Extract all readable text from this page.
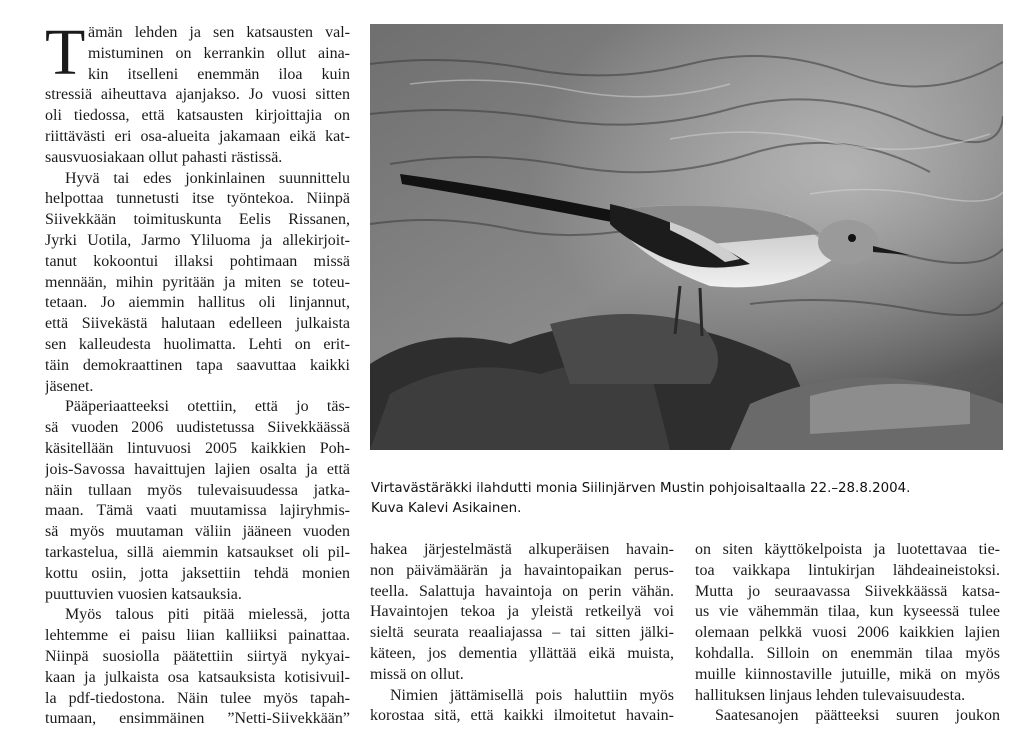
T ämän lehden ja sen katsausten val-
mistuminen on kerrankin ollut aina-
kin itselleni enemmän iloa kuin
stressiä aiheuttava ajanjakso. Jo vuosi sitten
oli tiedossa, että katsausten kirjoittajia on
riittävästi eri osa-alueita jakamaan eikä kat-
sausvuosiakaan ollut pahasti rästissä.
Hyvä tai edes jonkinlainen suunnittelu
helpottaa tunnetusti itse työntekoa. Niinpä
Siivekkään toimituskunta Eelis Rissanen,
Jyrki Uotila, Jarmo Yliluoma ja allekirjoit-
tanut kokoontui illaksi pohtimaan missä
mennään, mihin pyritään ja miten se toteu-
tetaan. Jo aiemmin hallitus oli linjannut,
että Siivekästä halutaan edelleen julkaista
sen kalleudesta huolimatta. Lehti on erit-
täin demokraattinen tapa saavuttaa kaikki
jäsenet.
Pääperiaatteeksi otettiin, että jo täs-
sä vuoden 2006 uudistetussa Siivekkäässä
käsitellään lintuvuosi 2005 kaikkien Poh-
jois-Savossa havaittujen lajien osalta ja että
näin tullaan myös tulevaisuudessa jatka-
maan. Tämä vaati muutamissa lajiryhmis-
sä myös muutaman väliin jääneen vuoden
tarkastelua, sillä aiemmin katsaukset oli pil-
kottu osiin, jotta jaksettiin tehdä monien
puuttuvien vuosien katsauksia.
Myös talous piti pitää mielessä, jotta
lehtemme ei paisu liian kalliiksi painattaa.
Niinpä suosiolla päätettiin siirtyä nykyai-
kaan ja julkaista osa katsauksista kotisivuil-
la pdf-tiedostona. Näin tulee myös tapah-
tumaan, ensimmäinen ”Netti-Siivekkään”
Virtavästäräkki ilahdutti monia Siilinjärven Mustin pohjoisaltaalla 22.–28.8.2004.
Kuva Kalevi Asikainen.
hakea järjestelmästä alkuperäisen havain-
non päivämäärän ja havaintopaikan perus-
teella. Salattuja havaintoja on perin vähän.
Havaintojen tekoa ja yleistä retkeilyä voi
sieltä seurata reaaliajassa – tai sitten jälki-
käteen, jos dementia yllättää eikä muista,
missä on ollut.
Nimien jättämisellä pois haluttiin myös
korostaa sitä, että kaikki ilmoitetut havain-
on siten käyttökelpoista ja luotettavaa tie-
toa vaikkapa lintukirjan lähdeaineistoksi.
Mutta jo seuraavassa Siivekkäässä katsa-
us vie vähemmän tilaa, kun kyseessä tulee
olemaan pelkkä vuosi 2006 kaikkien lajien
kohdalla. Silloin on enemmän tilaa myös
muille kiinnostaville jutuille, mikä on myös
hallituksen linjaus lehden tulevaisuudesta.
Saatesanojen päätteeksi suuren joukon
